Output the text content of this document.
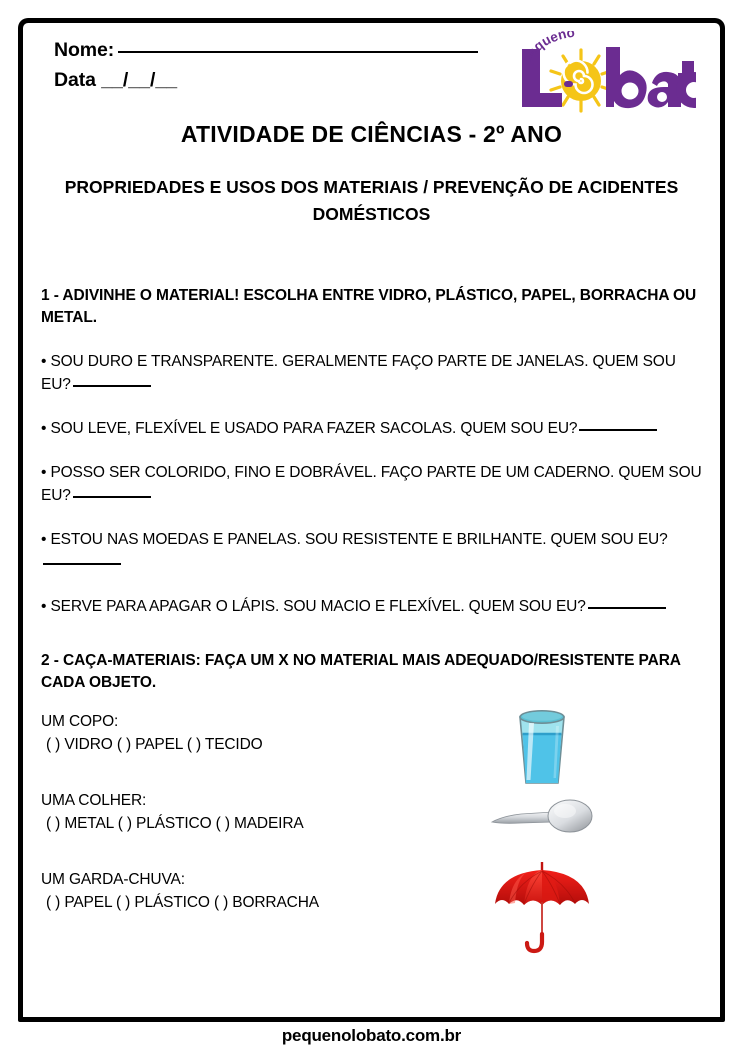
Nome:
Data __/__/__
pequeno
ATIVIDADE DE CIÊNCIAS - 2º ANO
PROPRIEDADES E USOS DOS MATERIAIS / PREVENÇÃO DE ACIDENTES DOMÉSTICOS
1 - ADIVINHE O MATERIAL! ESCOLHA ENTRE VIDRO, PLÁSTICO, PAPEL, BORRACHA OU METAL.
• SOU DURO E TRANSPARENTE. GERALMENTE FAÇO PARTE DE JANELAS. QUEM SOU EU?
• SOU LEVE, FLEXÍVEL E USADO PARA FAZER SACOLAS. QUEM SOU EU?
• POSSO SER COLORIDO, FINO E DOBRÁVEL. FAÇO PARTE DE UM CADERNO. QUEM SOU EU?
• ESTOU NAS MOEDAS E PANELAS. SOU RESISTENTE E BRILHANTE. QUEM SOU EU?
• SERVE PARA APAGAR O LÁPIS. SOU MACIO E FLEXÍVEL. QUEM SOU EU?
2 - CAÇA-MATERIAIS: FAÇA UM X NO MATERIAL MAIS ADEQUADO/RESISTENTE PARA CADA OBJETO.
UM COPO:
( ) VIDRO ( ) PAPEL ( ) TECIDO
UMA COLHER:
( ) METAL ( ) PLÁSTICO ( ) MADEIRA
UM GARDA-CHUVA:
( ) PAPEL ( ) PLÁSTICO ( ) BORRACHA
pequenolobato.com.br
